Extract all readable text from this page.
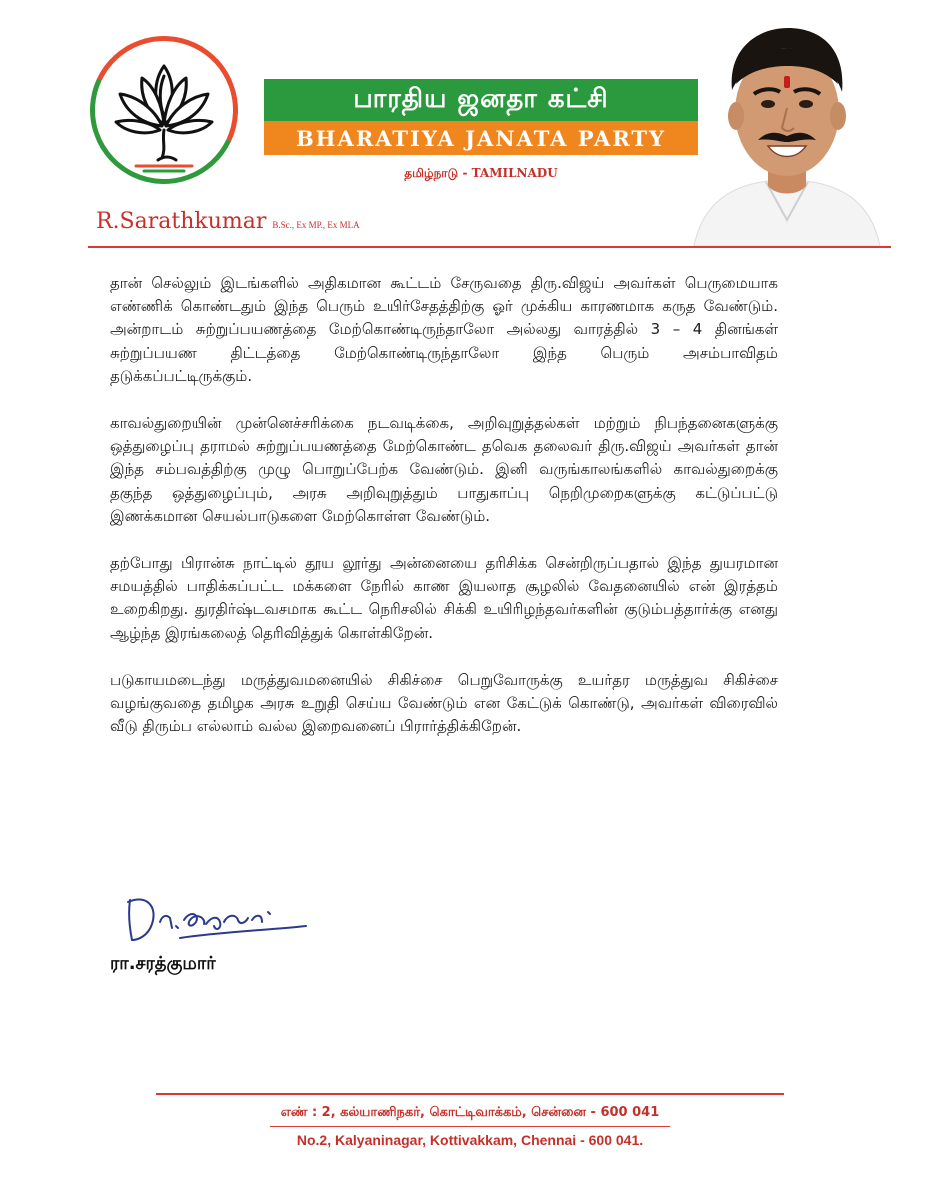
R.Sarathkumar B.Sc., Ex MP., Ex MLA
பாரதிய ஜனதா கட்சி
BHARATIYA JANATA PARTY
தமிழ்நாடு - TAMILNADU

தான் செல்லும் இடங்களில் அதிகமான கூட்டம் சேருவதை திரு.விஜய் அவர்கள் பெருமையாக எண்ணிக் கொண்டதும் இந்த பெரும் உயிர்சேதத்திற்கு ஓர் முக்கிய காரணமாக கருத வேண்டும். அன்றாடம் சுற்றுப்பயணத்தை மேற்கொண்டிருந்தாலோ அல்லது வாரத்தில் 3 – 4 தினங்கள் சுற்றுப்பயண திட்டத்தை மேற்கொண்டிருந்தாலோ இந்த பெரும் அசம்பாவிதம் தடுக்கப்பட்டிருக்கும்.

காவல்துறையின் முன்னெச்சரிக்கை நடவடிக்கை, அறிவுறுத்தல்கள் மற்றும் நிபந்தனைகளுக்கு ஒத்துழைப்பு தராமல் சுற்றுப்பயணத்தை மேற்கொண்ட தவெக தலைவர் திரு.விஜய் அவர்கள் தான் இந்த சம்பவத்திற்கு முழு பொறுப்பேற்க வேண்டும். இனி வருங்காலங்களில் காவல்துறைக்கு தகுந்த ஒத்துழைப்பும், அரசு அறிவுறுத்தும் பாதுகாப்பு நெறிமுறைகளுக்கு கட்டுப்பட்டு இணக்கமான செயல்பாடுகளை மேற்கொள்ள வேண்டும்.

தற்போது பிரான்சு நாட்டில் தூய லூர்து அன்னையை தரிசிக்க சென்றிருப்பதால் இந்த துயரமான சமயத்தில் பாதிக்கப்பட்ட மக்களை நேரில் காண இயலாத சூழலில் வேதனையில் என் இரத்தம் உறைகிறது. துரதிர்ஷ்டவசமாக கூட்ட நெரிசலில் சிக்கி உயிரிழந்தவர்களின் குடும்பத்தார்க்கு எனது ஆழ்ந்த இரங்கலைத் தெரிவித்துக் கொள்கிறேன்.

படுகாயமடைந்து மருத்துவமனையில் சிகிச்சை பெறுவோருக்கு உயர்தர மருத்துவ சிகிச்சை வழங்குவதை தமிழக அரசு உறுதி செய்ய வேண்டும் என கேட்டுக் கொண்டு, அவர்கள் விரைவில் வீடு திரும்ப எல்லாம் வல்ல இறைவனைப் பிரார்த்திக்கிறேன்.

ரா.சரத்குமார்
எண் : 2, கல்யாணிநகர், கொட்டிவாக்கம், சென்னை - 600 041
No.2, Kalyaninagar, Kottivakkam, Chennai - 600 041.
